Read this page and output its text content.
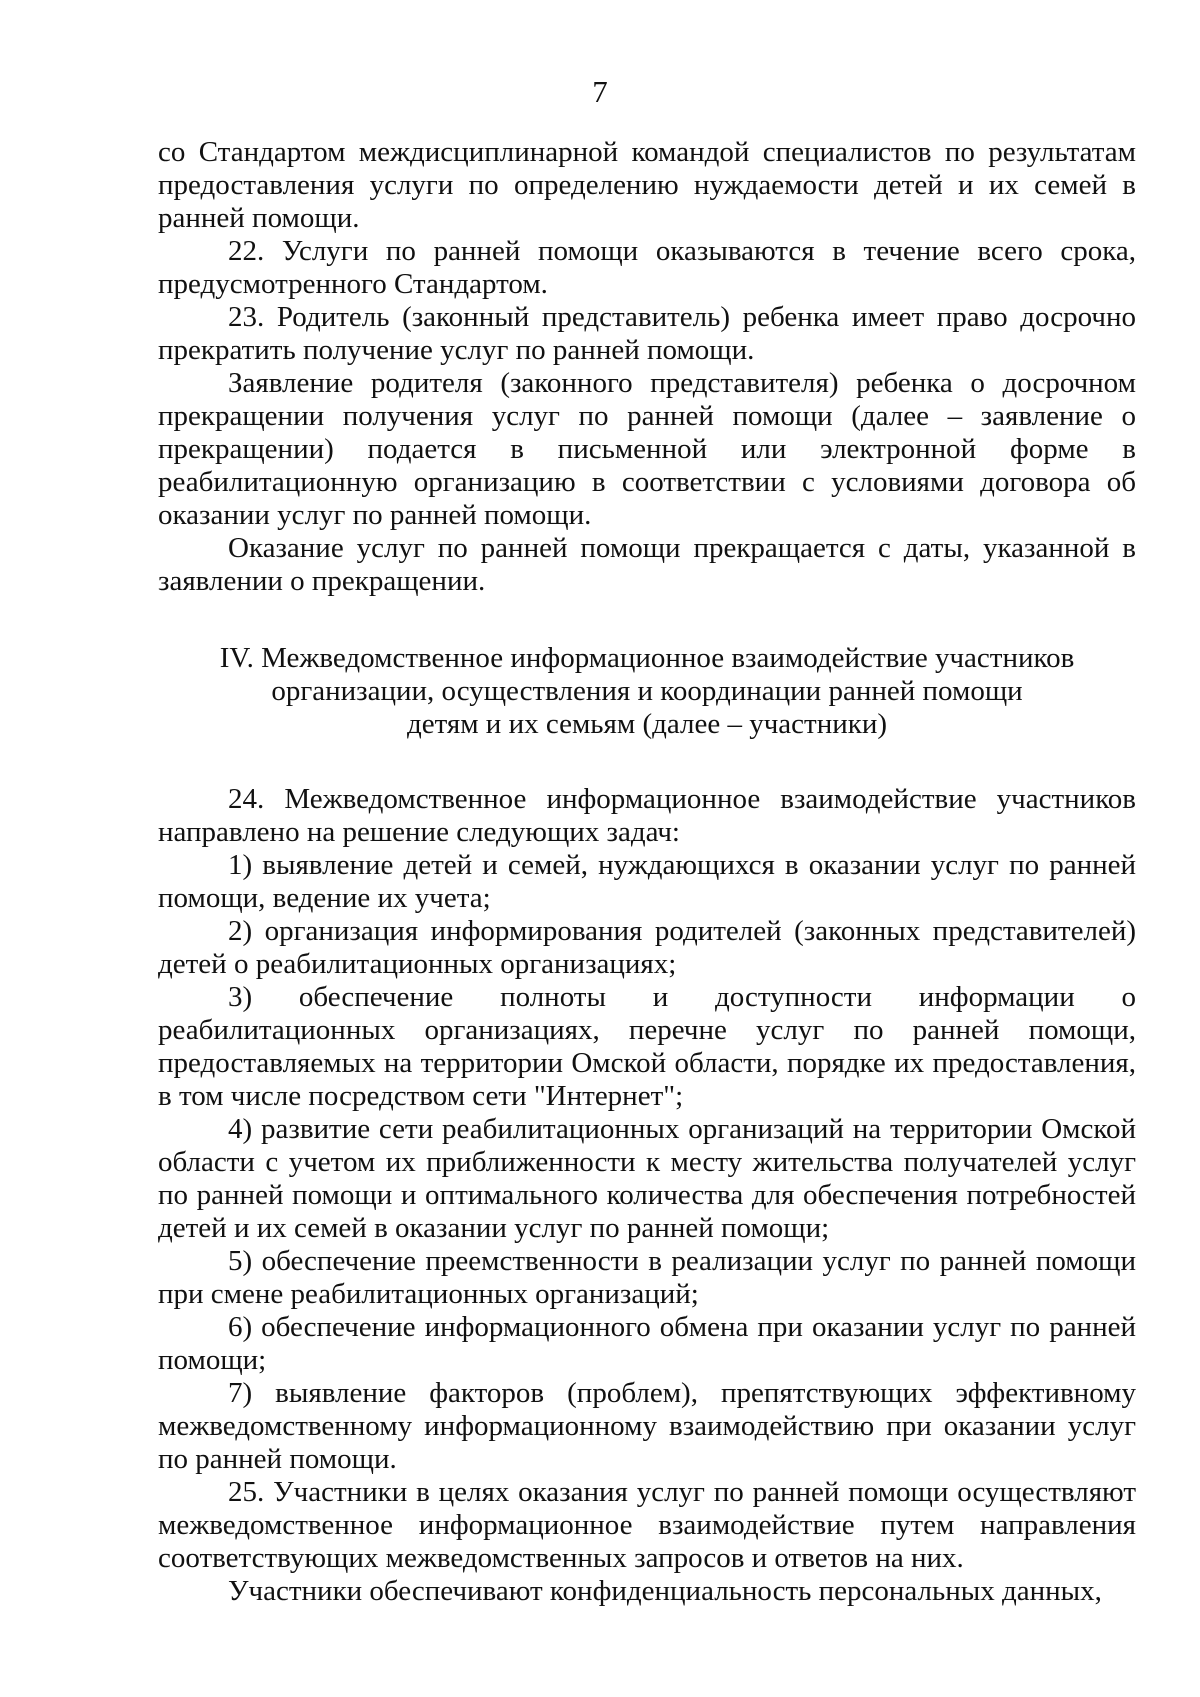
7

со Стандартом междисциплинарной командой специалистов по результатам предоставления услуги по определению нуждаемости детей и их семей в ранней помощи.

22. Услуги по ранней помощи оказываются в течение всего срока, предусмотренного Стандартом.

23. Родитель (законный представитель) ребенка имеет право досрочно прекратить получение услуг по ранней помощи.

Заявление родителя (законного представителя) ребенка о досрочном прекращении получения услуг по ранней помощи (далее – заявление о прекращении) подается в письменной или электронной форме в реабилитационную организацию в соответствии с условиями договора об оказании услуг по ранней помощи.

Оказание услуг по ранней помощи прекращается с даты, указанной в заявлении о прекращении.

IV. Межведомственное информационное взаимодействие участников
организации, осуществления и координации ранней помощи
детям и их семьям (далее – участники)

24. Межведомственное информационное взаимодействие участников направлено на решение следующих задач:

1) выявление детей и семей, нуждающихся в оказании услуг по ранней помощи, ведение их учета;

2) организация информирования родителей (законных представителей) детей о реабилитационных организациях;

3) обеспечение полноты и доступности информации о реабилитационных организациях, перечне услуг по ранней помощи, предоставляемых на территории Омской области, порядке их предоставления, в том числе посредством сети "Интернет";

4) развитие сети реабилитационных организаций на территории Омской области с учетом их приближенности к месту жительства получателей услуг по ранней помощи и оптимального количества для обеспечения потребностей детей и их семей в оказании услуг по ранней помощи;

5) обеспечение преемственности в реализации услуг по ранней помощи при смене реабилитационных организаций;

6) обеспечение информационного обмена при оказании услуг по ранней помощи;

7) выявление факторов (проблем), препятствующих эффективному межведомственному информационному взаимодействию при оказании услуг по ранней помощи.

25. Участники в целях оказания услуг по ранней помощи осуществляют межведомственное информационное взаимодействие путем направления соответствующих межведомственных запросов и ответов на них.

Участники обеспечивают конфиденциальность персональных данных,
